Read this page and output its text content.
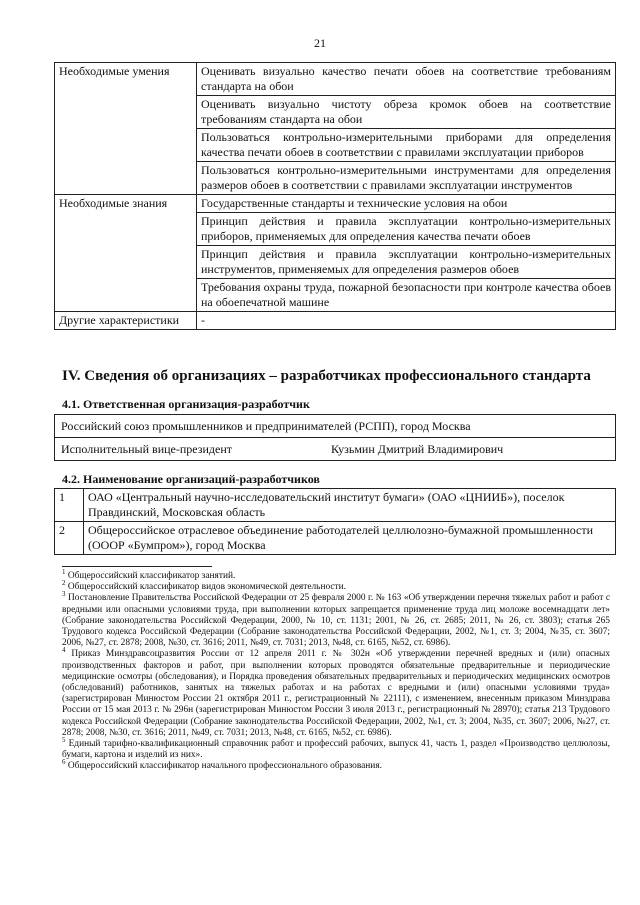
21
Необходимые умения	Оценивать визуально качество печати обоев на соответствие требованиям стандарта на обои
	Оценивать визуально чистоту обреза кромок обоев на соответствие требованиям стандарта на обои
	Пользоваться контрольно-измерительными приборами для определения качества печати обоев в соответствии с правилами эксплуатации приборов
	Пользоваться контрольно-измерительными инструментами для определения размеров обоев в соответствии с правилами эксплуатации инструментов
Необходимые знания	Государственные стандарты и технические условия на обои
	Принцип действия и правила эксплуатации контрольно-измерительных приборов, применяемых для определения качества печати обоев
	Принцип действия и правила эксплуатации контрольно-измерительных инструментов, применяемых для определения размеров обоев
	Требования охраны труда, пожарной безопасности при контроле качества обоев на обоепечатной машине
Другие характеристики	-
IV. Сведения об организациях – разработчиках профессионального стандарта
4.1. Ответственная организация-разработчик
Российский союз промышленников и предпринимателей (РСПП), город Москва
Исполнительный вице-президент	Кузьмин Дмитрий Владимирович
4.2. Наименование организаций-разработчиков
1	ОАО «Центральный научно-исследовательский институт бумаги» (ОАО «ЦНИИБ»), поселок Правдинский, Московская область
2	Общероссийское отраслевое объединение работодателей целлюлозно-бумажной промышленности (ОООР «Бумпром»), город Москва

$^1$ Общероссийский классификатор занятий.

$^2$ Общероссийский классификатор видов экономической деятельности.

$^3$ Постановление Правительства Российской Федерации от 25 февраля 2000 г. № 163 «Об утверждении перечня тяжелых работ и работ с вредными или опасными условиями труда, при выполнении которых запрещается применение труда лиц моложе восемнадцати лет» (Собрание законодательства Российской Федерации, 2000, № 10, ст. 1131; 2001, № 26, ст. 2685; 2011, № 26, ст. 3803); статья 265 Трудового кодекса Российской Федерации (Собрание законодательства Российской Федерации, 2002, №1, ст. 3; 2004, №35, ст. 3607; 2006, №27, ст. 2878; 2008, №30, ст. 3616; 2011, №49, ст. 7031; 2013, №48, ст. 6165, №52, ст. 6986).

$^4$ Приказ Минздравсоцразвития России от 12 апреля 2011 г. № 302н «Об утверждении перечней вредных и (или) опасных производственных факторов и работ, при выполнении которых проводятся обязательные предварительные и периодические медицинские осмотры (обследования), и Порядка проведения обязательных предварительных и периодических медицинских осмотров (обследований) работников, занятых на тяжелых работах и на работах с вредными и (или) опасными условиями труда» (зарегистрирован Минюстом России 21 октября 2011 г., регистрационный № 22111), с изменением, внесенным приказом Минздрава России от 15 мая 2013 г. № 296н (зарегистрирован Минюстом России 3 июля 2013 г., регистрационный № 28970); статья 213 Трудового кодекса Российской Федерации (Собрание законодательства Российской Федерации, 2002, №1, ст. 3; 2004, №35, ст. 3607; 2006, №27, ст. 2878; 2008, №30, ст. 3616; 2011, №49, ст. 7031; 2013, №48, ст. 6165, №52, ст. 6986).

$^5$ Единый тарифно-квалификационный справочник работ и профессий рабочих, выпуск 41, часть 1, раздел «Производство целлюлозы, бумаги, картона и изделий из них».

$^6$ Общероссийский классификатор начального профессионального образования.
